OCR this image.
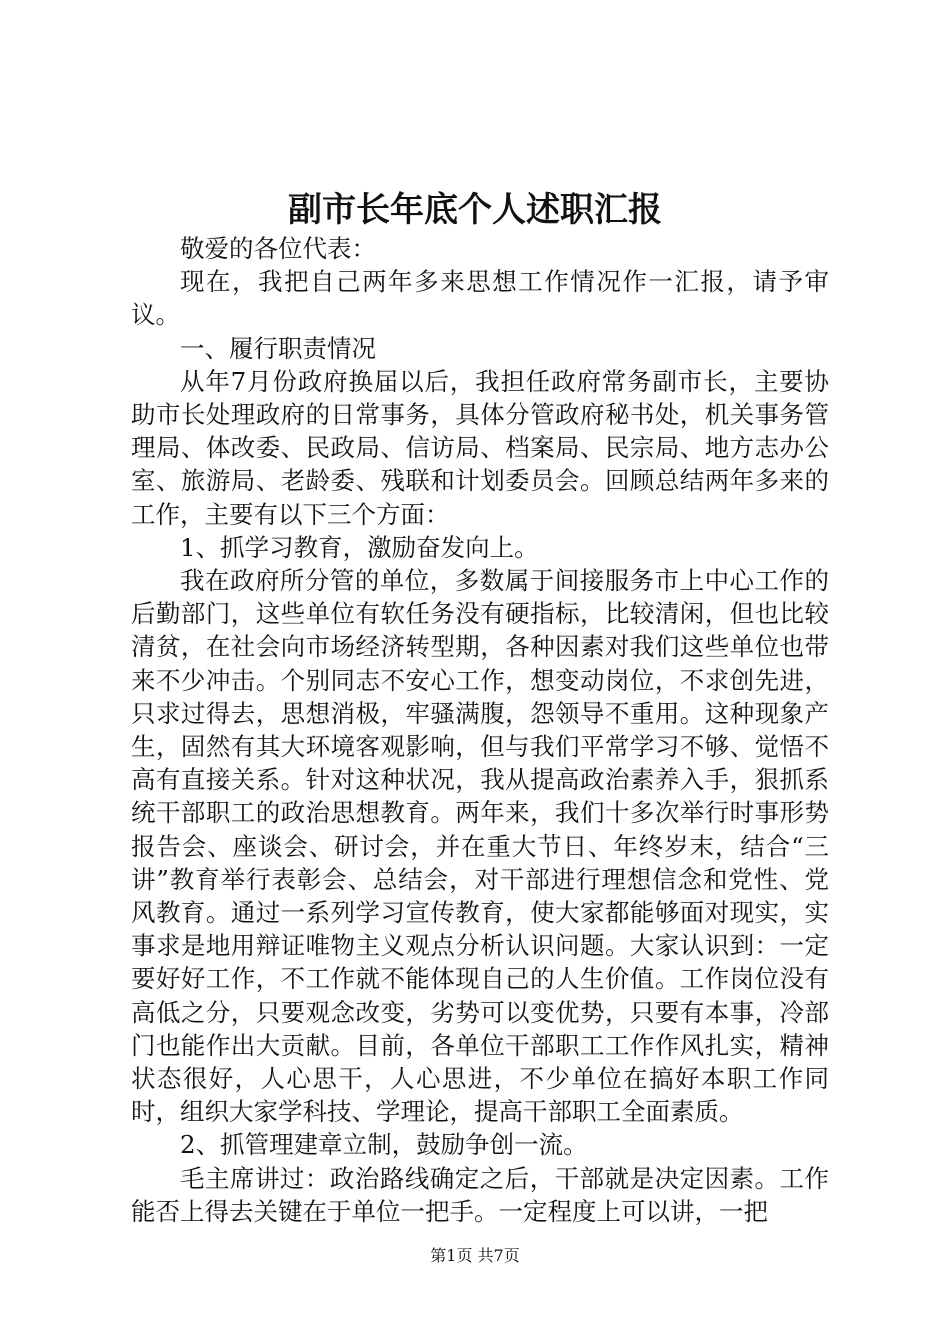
副市长年底个人述职汇报

敬爱的各位代表：

现在，我把自己两年多来思想工作情况作一汇报，请予审议。

一、履行职责情况

从年7月份政府换届以后，我担任政府常务副市长，主要协助市长处理政府的日常事务，具体分管政府秘书处，机关事务管理局、体改委、民政局、信访局、档案局、民宗局、地方志办公室、旅游局、老龄委、残联和计划委员会。回顾总结两年多来的工作，主要有以下三个方面：

1、抓学习教育，激励奋发向上。

我在政府所分管的单位，多数属于间接服务市上中心工作的后勤部门，这些单位有软任务没有硬指标，比较清闲，但也比较清贫，在社会向市场经济转型期，各种因素对我们这些单位也带来不少冲击。个别同志不安心工作，想变动岗位，不求创先进，只求过得去，思想消极，牢骚满腹，怨领导不重用。这种现象产生，固然有其大环境客观影响，但与我们平常学习不够、觉悟不高有直接关系。针对这种状况，我从提高政治素养入手，狠抓系统干部职工的政治思想教育。两年来，我们十多次举行时事形势报告会、座谈会、研讨会，并在重大节日、年终岁末，结合“三讲”教育举行表彰会、总结会，对干部进行理想信念和党性、党风教育。通过一系列学习宣传教育，使大家都能够面对现实，实事求是地用辩证唯物主义观点分析认识问题。大家认识到：一定要好好工作，不工作就不能体现自己的人生价值。工作岗位没有高低之分，只要观念改变，劣势可以变优势，只要有本事，冷部门也能作出大贡献。目前，各单位干部职工工作作风扎实，精神状态很好，人心思干，人心思进，不少单位在搞好本职工作同时，组织大家学科技、学理论，提高干部职工全面素质。

2、抓管理建章立制，鼓励争创一流。

毛主席讲过：政治路线确定之后，干部就是决定因素。工作能否上得去关键在于单位一把手。一定程度上可以讲，一把

第1页 共7页
